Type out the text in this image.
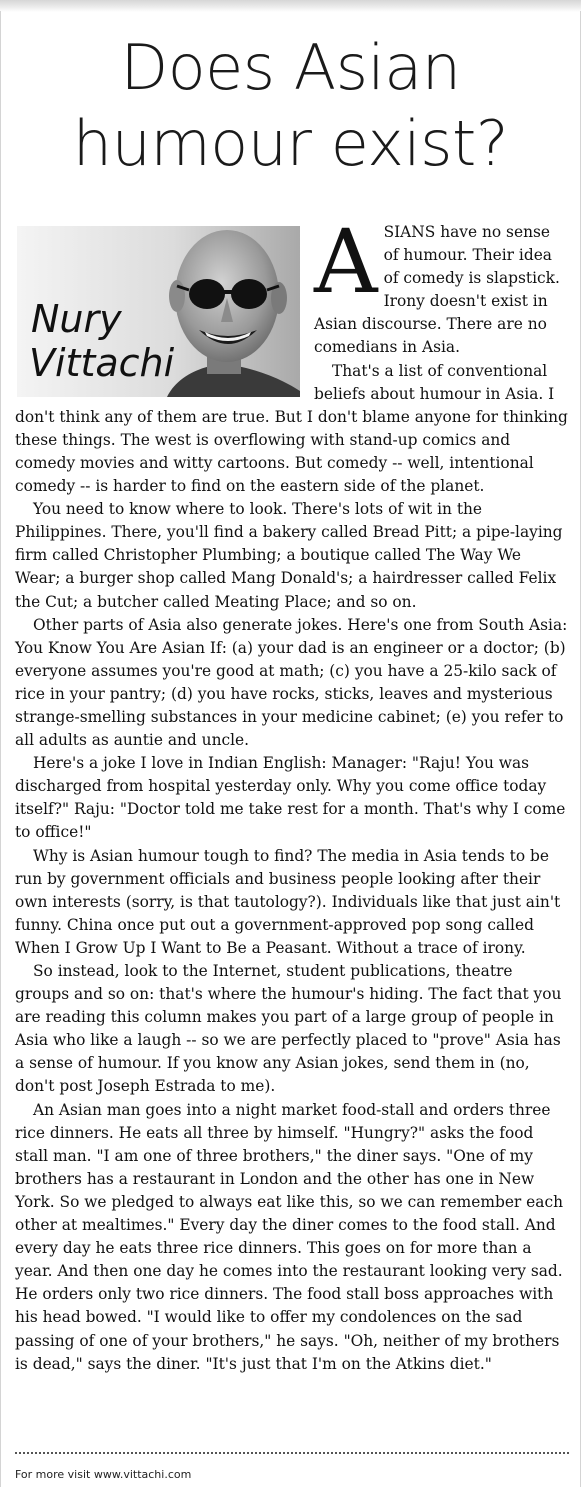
Does Asian humour exist?
Nury
Vittachi

ASIANS have no sense of humour. Their idea of comedy is slapstick. Irony doesn't exist in Asian discourse. There are no comedians in Asia.

That's a list of conventional beliefs about humour in Asia. I don't think any of them are true. But I don't blame anyone for thinking these things. The west is overflowing with stand-up comics and comedy movies and witty cartoons. But comedy -- well, intentional comedy -- is harder to find on the eastern side of the planet.

You need to know where to look. There's lots of wit in the Philippines. There, you'll find a bakery called Bread Pitt; a pipe-laying firm called Christopher Plumbing; a boutique called The Way We Wear; a burger shop called Mang Donald's; a hairdresser called Felix the Cut; a butcher called Meating Place; and so on.

Other parts of Asia also generate jokes. Here's one from South Asia: You Know You Are Asian If: (a) your dad is an engineer or a doctor; (b) everyone assumes you're good at math; (c) you have a 25-kilo sack of rice in your pantry; (d) you have rocks, sticks, leaves and mysterious strange-smelling substances in your medicine cabinet; (e) you refer to all adults as auntie and uncle.

Here's a joke I love in Indian English: Manager: "Raju! You was discharged from hospital yesterday only. Why you come office today itself?" Raju: "Doctor told me take rest for a month. That's why I come to office!"

Why is Asian humour tough to find? The media in Asia tends to be run by government officials and business people looking after their own interests (sorry, is that tautology?). Individuals like that just ain't funny. China once put out a government-approved pop song called When I Grow Up I Want to Be a Peasant. Without a trace of irony.

So instead, look to the Internet, student publications, theatre groups and so on: that's where the humour's hiding. The fact that you are reading this column makes you part of a large group of people in Asia who like a laugh -- so we are perfectly placed to "prove" Asia has a sense of humour. If you know any Asian jokes, send them in (no, don't post Joseph Estrada to me).

An Asian man goes into a night market food-stall and orders three rice dinners. He eats all three by himself. "Hungry?" asks the food stall man. "I am one of three brothers," the diner says. "One of my brothers has a restaurant in London and the other has one in New York. So we pledged to always eat like this, so we can remember each other at mealtimes." Every day the diner comes to the food stall. And every day he eats three rice dinners. This goes on for more than a year. And then one day he comes into the restaurant looking very sad. He orders only two rice dinners. The food stall boss approaches with his head bowed. "I would like to offer my condolences on the sad passing of one of your brothers," he says. "Oh, neither of my brothers is dead," says the diner. "It's just that I'm on the Atkins diet."

For more visit www.vittachi.com
